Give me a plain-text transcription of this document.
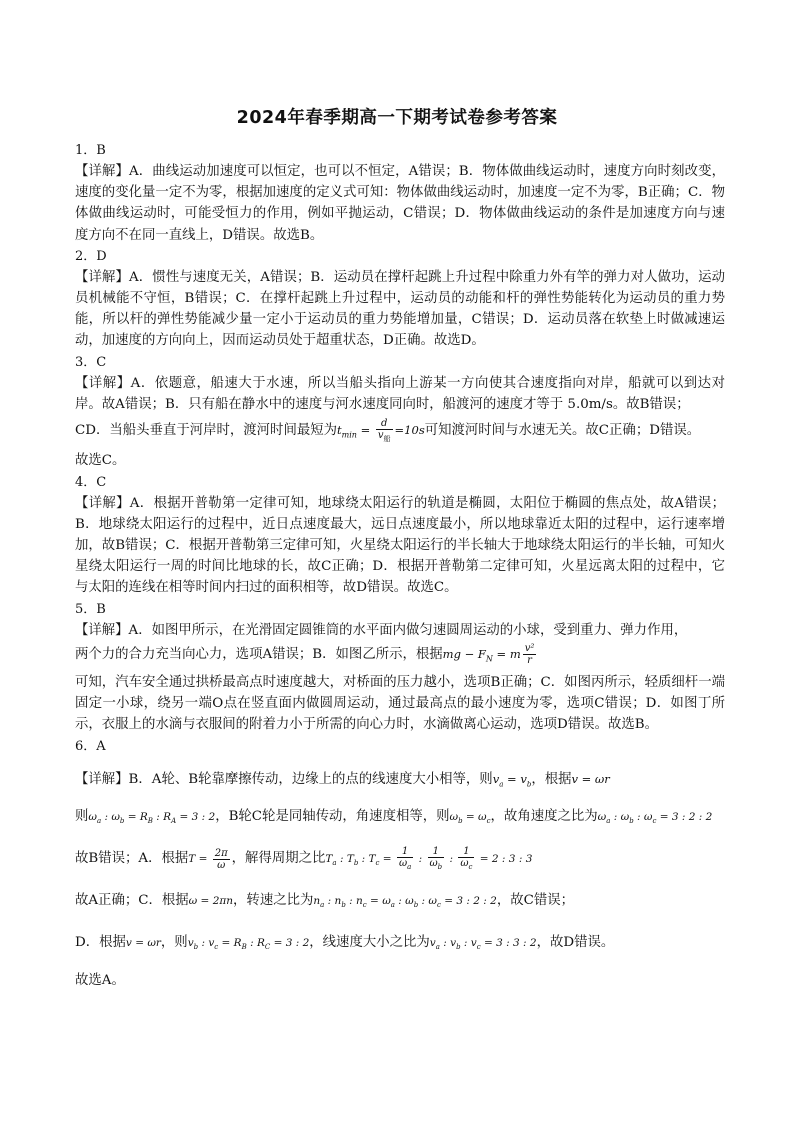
2024年春季期高一下期考试卷参考答案
1．B

【详解】A．曲线运动加速度可以恒定，也可以不恒定，A错误；B．物体做曲线运动时，速度方向时刻改变，速度的变化量一定不为零，根据加速度的定义式可知：物体做曲线运动时，加速度一定不为零，B正确；C．物体做曲线运动时，可能受恒力的作用，例如平抛运动，C错误；D．物体做曲线运动的条件是加速度方向与速度方向不在同一直线上，D错误。故选B。

2．D

【详解】A．惯性与速度无关，A错误；B．运动员在撑杆起跳上升过程中除重力外有竿的弹力对人做功，运动员机械能不守恒，B错误；C．在撑杆起跳上升过程中，运动员的动能和杆的弹性势能转化为运动员的重力势能，所以杆的弹性势能减少量一定小于运动员的重力势能增加量，C错误；D．运动员落在软垫上时做减速运动，加速度的方向向上，因而运动员处于超重状态，D正确。故选D。

3．C

【详解】A．依题意，船速大于水速，所以当船头指向上游某一方向使其合速度指向对岸，船就可以到达对岸。故A错误；B．只有船在静水中的速度与河水速度同向时，船渡河的速度才等于 5.0m/s。故B错误；

CD．当船头垂直于河岸时，渡河时间最短为$t_{min} = \frac{d}{v_船} =10s$可知渡河时间与水速无关。故C正确；D错误。

故选C。

4．C

【详解】A．根据开普勒第一定律可知，地球绕太阳运行的轨道是椭圆，太阳位于椭圆的焦点处，故A错误；B．地球绕太阳运行的过程中，近日点速度最大，远日点速度最小，所以地球靠近太阳的过程中，运行速率增加，故B错误；C．根据开普勒第三定律可知，火星绕太阳运行的半长轴大于地球绕太阳运行的半长轴，可知火星绕太阳运行一周的时间比地球的长，故C正确；D．根据开普勒第二定律可知，火星远离太阳的过程中，它与太阳的连线在相等时间内扫过的面积相等，故D错误。故选C。

5．B

【详解】A．如图甲所示，在光滑固定圆锥筒的水平面内做匀速圆周运动的小球，受到重力、弹力作用，

两个力的合力充当向心力，选项A错误；B．如图乙所示，根据mg − $F_N = m \frac{\text{v²}}{r}$

可知，汽车安全通过拱桥最高点时速度越大，对桥面的压力越小，选项B正确；C．如图丙所示，轻质细杆一端固定一小球，绕另一端O点在竖直面内做圆周运动，通过最高点的最小速度为零，选项C错误；D．如图丁所示，衣服上的水滴与衣服间的附着力小于所需的向心力时，水滴做离心运动，选项D错误。故选B。

6．A
【详解】B．A轮、B轮靠摩擦传动，边缘上的点的线速度大小相等，则$v_a = v_b$，根据v = ωr
则$\omega_a$ : $\omega_b = R_B$ : $R_A = 3$ : 2，B轮C轮是同轴传动，角速度相等，则$\omega_b = \omega_c$，故角速度之比为$\omega_a$ : $\omega_b$ : $\omega_c = 3$ : 2 : 2
故B错误；A．根据$T = \frac{2\pi}{\omega}$ ，解得周期之比$T_a$ : $T_b$ : $T_c = \frac{1}{\omega_a}$ : $\frac{1}{\omega_b}$ : $\frac{1}{\omega_c} = 2$ : 3 : 3
故A正确；C．根据ω = 2πn，转速之比为$n_a$ : $n_b$ : $n_c = \omega_a$ : $\omega_b$ : $\omega_c = 3$ : 2 : 2，故C错误；
D．根据v = ωr，则$v_b$ : $v_c = R_B$ : $R_C = 3$ : 2，线速度大小之比为$v_a$ : $v_b$ : $v_c = 3$ : 3 : 2，故D错误。

故选A。
